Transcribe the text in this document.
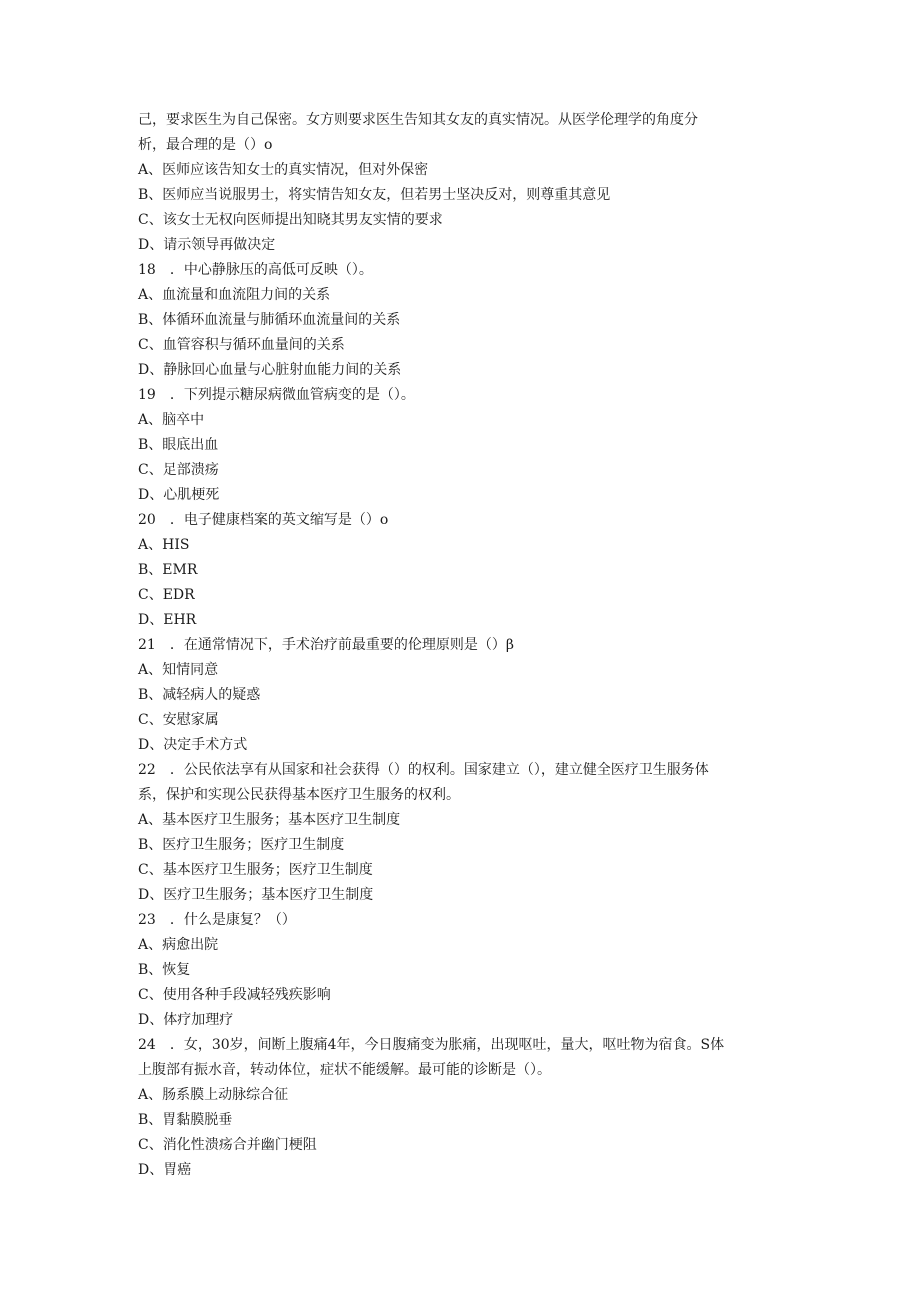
己，要求医生为自己保密。女方则要求医生告知其女友的真实情况。从医学伦理学的角度分
析，最合理的是（）o
A、医师应该告知女士的真实情况，但对外保密
B、医师应当说服男士，将实情告知女友，但若男士坚决反对，则尊重其意见
C、该女士无权向医师提出知晓其男友实情的要求
D、请示领导再做决定
18　．中心静脉压的高低可反映（）。
A、血流量和血流阻力间的关系
B、体循环血流量与肺循环血流量间的关系
C、血管容积与循环血量间的关系
D、静脉回心血量与心脏射血能力间的关系
19　．下列提示糖尿病微血管病变的是（）。
A、脑卒中
B、眼底出血
C、足部溃疡
D、心肌梗死
20　．电子健康档案的英文缩写是（）o
A、HIS
B、EMR
C、EDR
D、EHR
21　．在通常情况下，手术治疗前最重要的伦理原则是（）β
A、知情同意
B、减轻病人的疑惑
C、安慰家属
D、决定手术方式
22　．公民依法享有从国家和社会获得（）的权利。国家建立（），建立健全医疗卫生服务体
系，保护和实现公民获得基本医疗卫生服务的权利。
A、基本医疗卫生服务；基本医疗卫生制度
B、医疗卫生服务；医疗卫生制度
C、基本医疗卫生服务；医疗卫生制度
D、医疗卫生服务；基本医疗卫生制度
23　．什么是康复？（）
A、病愈出院
B、恢复
C、使用各种手段减轻残疾影响
D、体疗加理疗
24　．女，30岁，间断上腹痛4年，今日腹痛变为胀痛，出现呕吐，量大，呕吐物为宿食。S体
上腹部有振水音，转动体位，症状不能缓解。最可能的诊断是（）。
A、肠系膜上动脉综合征
B、胃黏膜脱垂
C、消化性溃疡合并幽门梗阻
D、胃癌
